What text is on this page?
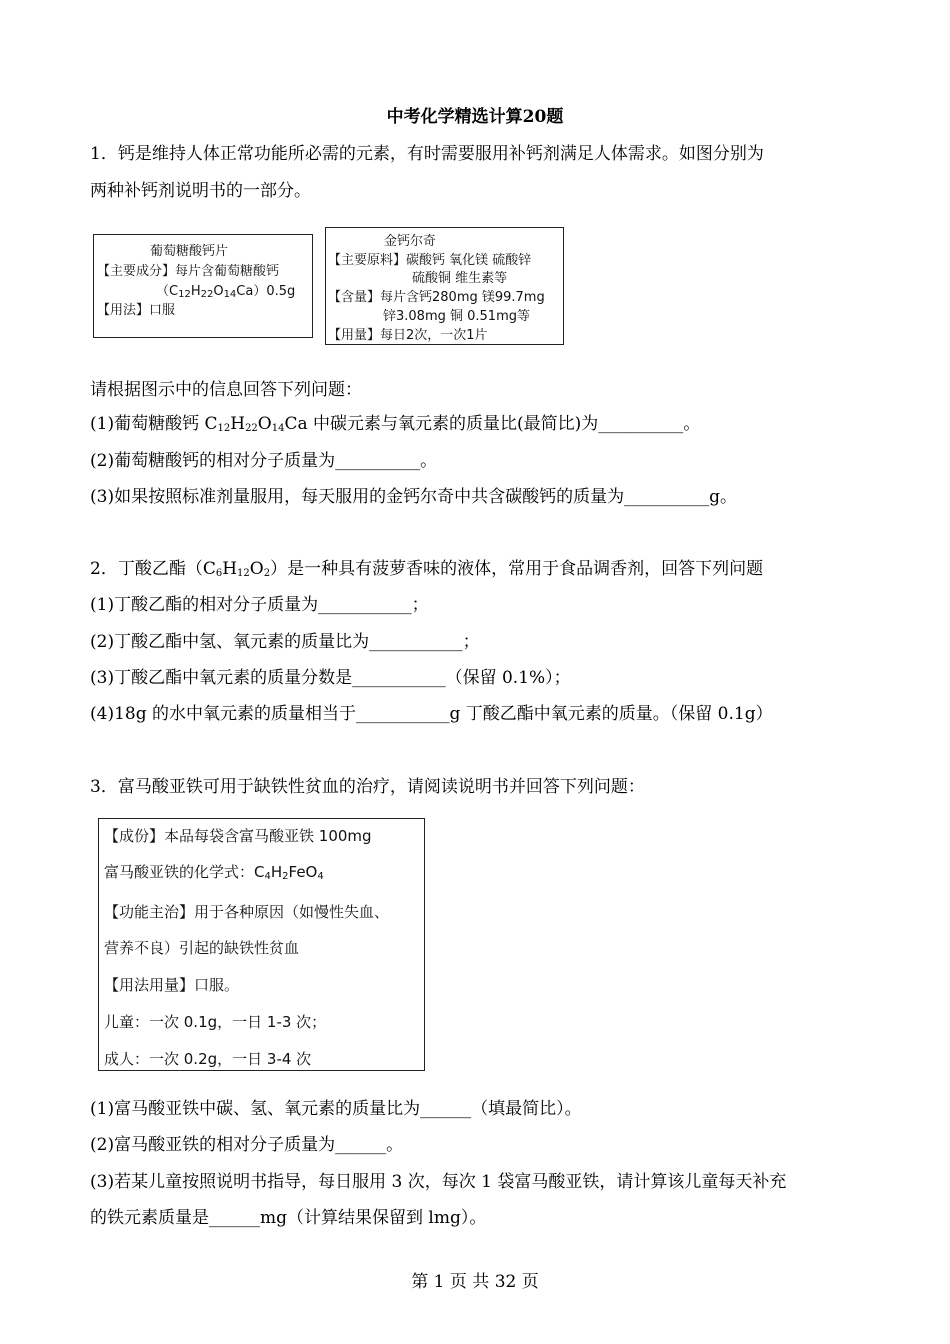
中考化学精选计算20题
1．钙是维持人体正常功能所必需的元素，有时需要服用补钙剂满足人体需求。如图分别为
两种补钙剂说明书的一部分。
葡萄糖酸钙片
【主要成分】每片含葡萄糖酸钙
$(C_{12}H_{22}O_{14}Ca)0.5g$
【用法】口服
金钙尔奇
【主要原料】碳酸钙 氧化镁 硫酸锌
硫酸铜 维生素等
【含量】每片含钙280mg 镁99.7mg
锌3.08mg 铜 0.51mg等
【用量】每日2次，一次1片
请根据图示中的信息回答下列问题：
(1)葡萄糖酸钙 $C_{12}H_{22}O_{14}Ca$ 中碳元素与氧元素的质量比(最简比)为__________。
(2)葡萄糖酸钙的相对分子质量为__________。
(3)如果按照标准剂量服用，每天服用的金钙尔奇中共含碳酸钙的质量为__________g。
2．丁酸乙酯$(C_6H_{12}O_2)$是一种具有菠萝香味的液体，常用于食品调香剂，回答下列问题
(1)丁酸乙酯的相对分子质量为___________；
(2)丁酸乙酯中氢、氧元素的质量比为___________；
(3)丁酸乙酯中氧元素的质量分数是___________（保留 0.1%）；
(4)18g 的水中氧元素的质量相当于___________g 丁酸乙酯中氧元素的质量。（保留 0.1g）
3．富马酸亚铁可用于缺铁性贫血的治疗，请阅读说明书并回答下列问题：
【成份】本品每袋含富马酸亚铁 100mg
富马酸亚铁的化学式：$C_4H_2FeO_4$
【功能主治】用于各种原因（如慢性失血、
营养不良）引起的缺铁性贫血
【用法用量】口服。
儿童：一次 0.1g，一日 1-3 次；
成人：一次 0.2g，一日 3-4 次
(1)富马酸亚铁中碳、氢、氧元素的质量比为______（填最简比）。
(2)富马酸亚铁的相对分子质量为______。
(3)若某儿童按照说明书指导，每日服用 3 次，每次 1 袋富马酸亚铁，请计算该儿童每天补充
的铁元素质量是______mg（计算结果保留到 lmg）。
第 1 页 共 32 页
